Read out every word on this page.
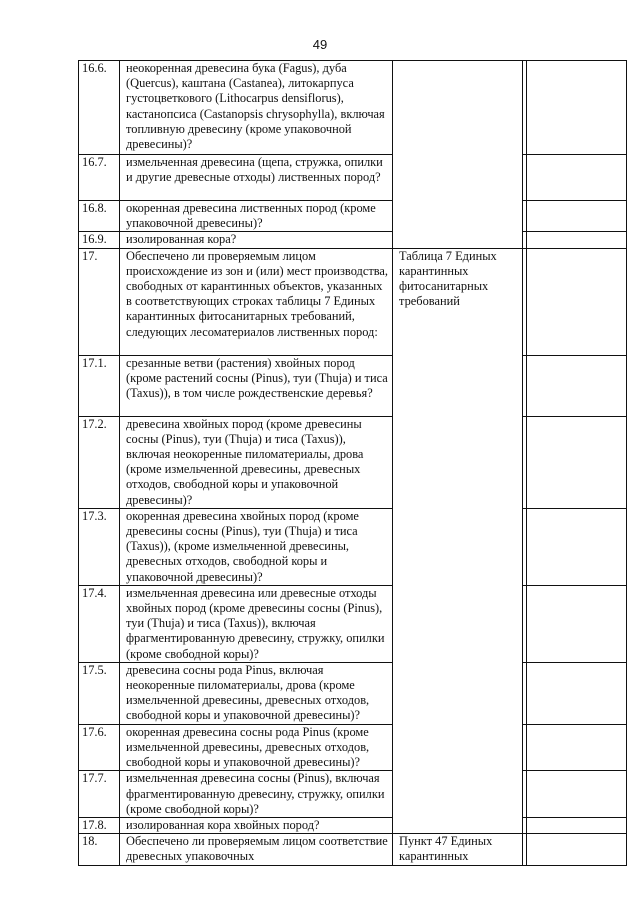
49
16.6.	неокоренная древесина бука (Fagus), дуба (Quercus), каштана (Castanea), литокарпуса густоцветкового (Lithocarpus densiflorus), кастанопсиса (Castanopsis chrysophylla), включая топливную древесину (кроме упаковочной древесины)?	

16.7.	измельченная древесина (щепа, стружка, опилки и другие древесные отходы) лиственных пород?			
16.8.	окоренная древесина лиственных пород (кроме упаковочной древесины)?			
16.9.	изолированная кора?			
17.	Обеспечено ли проверяемым лицом происхождение из зон и (или) мест производства, свободных от карантинных объектов, указанных в соответствующих строках таблицы 7 Единых карантинных фитосанитарных требований, следующих лесоматериалов лиственных пород:	Таблица 7 Единых карантинных фитосанитарных требований		

17.1.	срезанные ветви (растения) хвойных пород (кроме растений сосны (Pinus), туи (Thuja) и тиса (Taxus)), в том числе рождественские деревья?			
17.2.	древесина хвойных пород (кроме древесины сосны (Pinus), туи (Thuja) и тиса (Taxus)), включая неокоренные пиломатериалы, дрова (кроме измельченной древесины, древесных отходов, свободной коры и упаковочной древесины)?			
17.3.	окоренная древесина хвойных пород (кроме древесины сосны (Pinus), туи (Thuja) и тиса (Taxus)), (кроме измельченной древесины, древесных отходов, свободной коры и упаковочной древесины)?			
17.4.	измельченная древесина или древесные отходы хвойных пород (кроме древесины сосны (Pinus), туи (Thuja) и тиса (Taxus)), включая фрагментированную древесину, стружку, опилки (кроме свободной коры)?			
17.5.	древесина сосны рода Pinus, включая неокоренные пиломатериалы, дрова (кроме измельченной древесины, древесных отходов, свободной коры и упаковочной древесины)?			
17.6.	окоренная древесина сосны рода Pinus (кроме измельченной древесины, древесных отходов, свободной коры и упаковочной древесины)?			
17.7.	измельченная древесина сосны (Pinus), включая фрагментированную древесину, стружку, опилки (кроме свободной коры)?			
17.8.	изолированная кора хвойных пород?			
18.	Обеспечено ли проверяемым лицом соответствие древесных упаковочных	Пункт 47 Единых карантинных		
